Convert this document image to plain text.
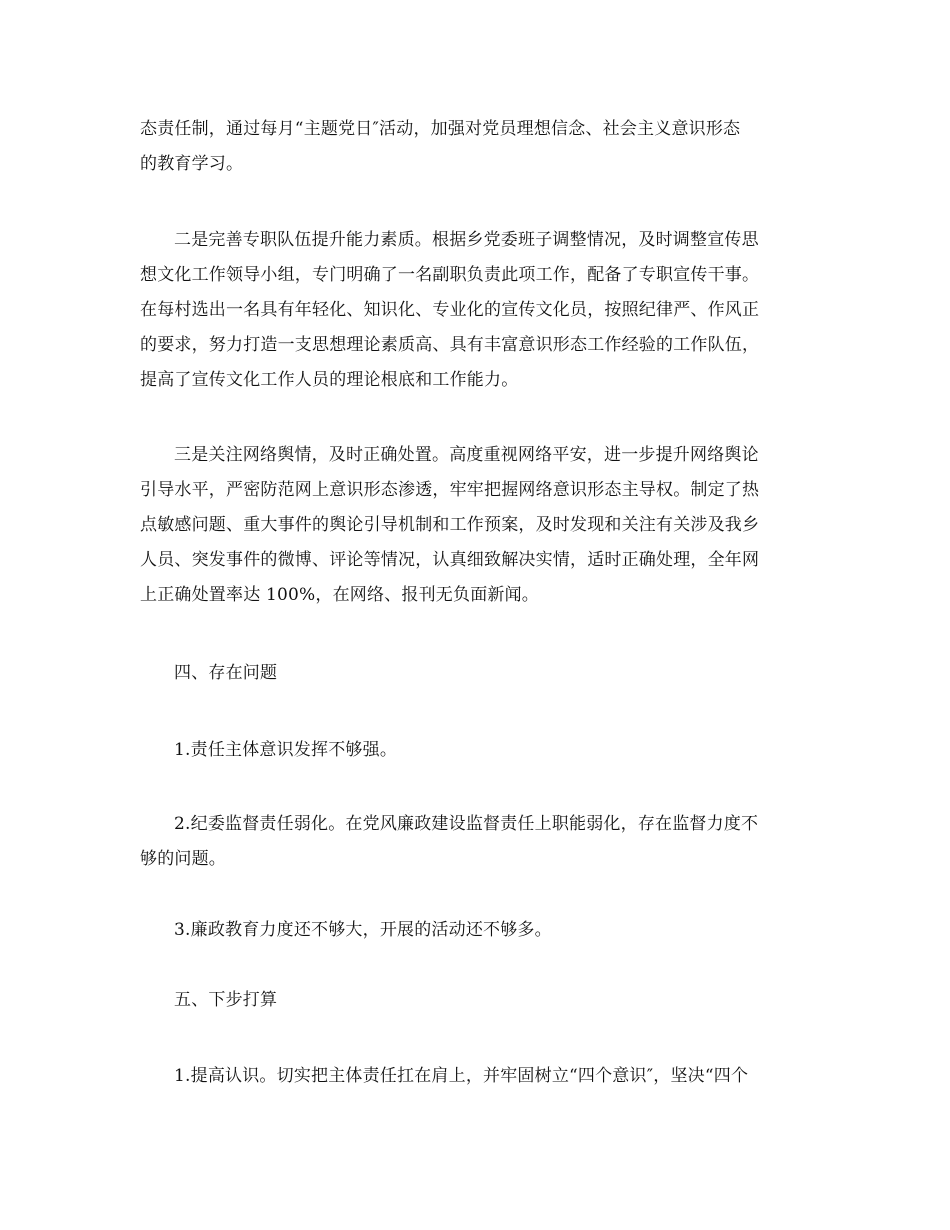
态责任制，通过每月“主题党日″活动，加强对党员理想信念、社会主义意识形态
的教育学习。
二是完善专职队伍提升能力素质。根据乡党委班子调整情况，及时调整宣传思
想文化工作领导小组，专门明确了一名副职负责此项工作，配备了专职宣传干事。
在每村选出一名具有年轻化、知识化、专业化的宣传文化员，按照纪律严、作风正
的要求，努力打造一支思想理论素质高、具有丰富意识形态工作经验的工作队伍，
提高了宣传文化工作人员的理论根底和工作能力。
三是关注网络舆情，及时正确处置。高度重视网络平安，进一步提升网络舆论
引导水平，严密防范网上意识形态渗透，牢牢把握网络意识形态主导权。制定了热
点敏感问题、重大事件的舆论引导机制和工作预案，及时发现和关注有关涉及我乡
人员、突发事件的微博、评论等情况，认真细致解决实情，适时正确处理，全年网
上正确处置率达 100%，在网络、报刊无负面新闻。
四、存在问题
1.责任主体意识发挥不够强。
2.纪委监督责任弱化。在党风廉政建设监督责任上职能弱化，存在监督力度不
够的问题。
3.廉政教育力度还不够大，开展的活动还不够多。
五、下步打算
1.提高认识。切实把主体责任扛在肩上，并牢固树立“四个意识″，坚决“四个
